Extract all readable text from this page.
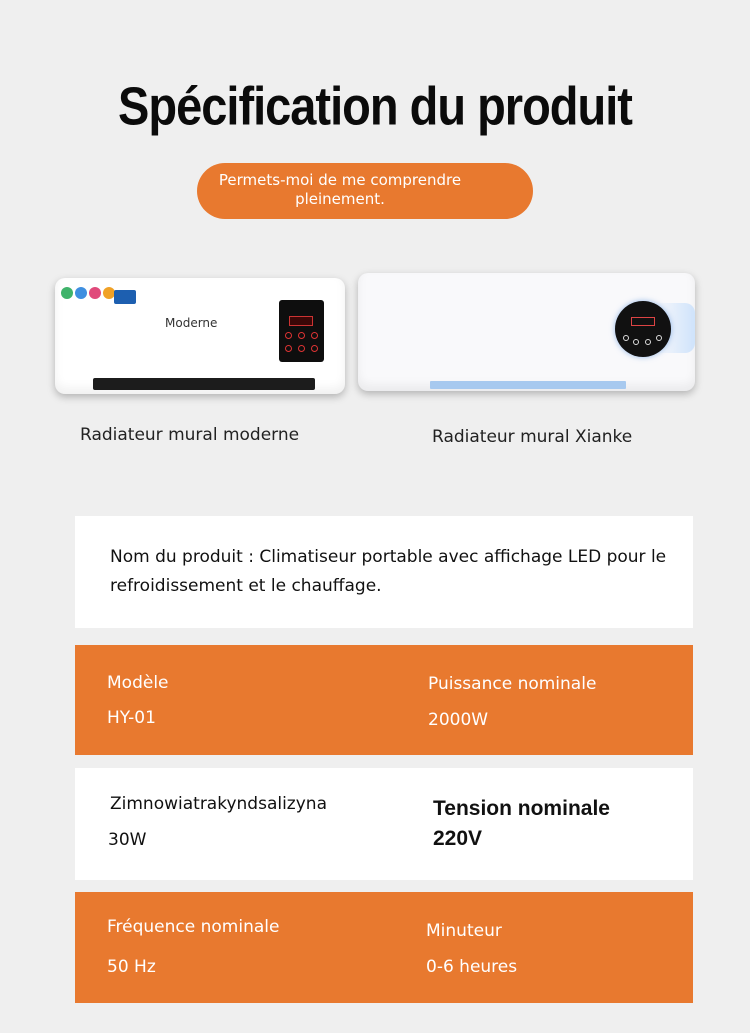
Spécification du produit
Permets-moi de me comprendre pleinement.
Moderne
Radiateur mural moderne	Radiateur mural Xianke
Nom du produit : Climatiseur portable avec affichage LED pour le refroidissement et le chauffage.
Modèle
HY-01
Puissance nominale
2000W
Zimnowiatrakyndsalizyna
30W
Tension nominale
220V
Fréquence nominale
50 Hz
Minuteur
0-6 heures
